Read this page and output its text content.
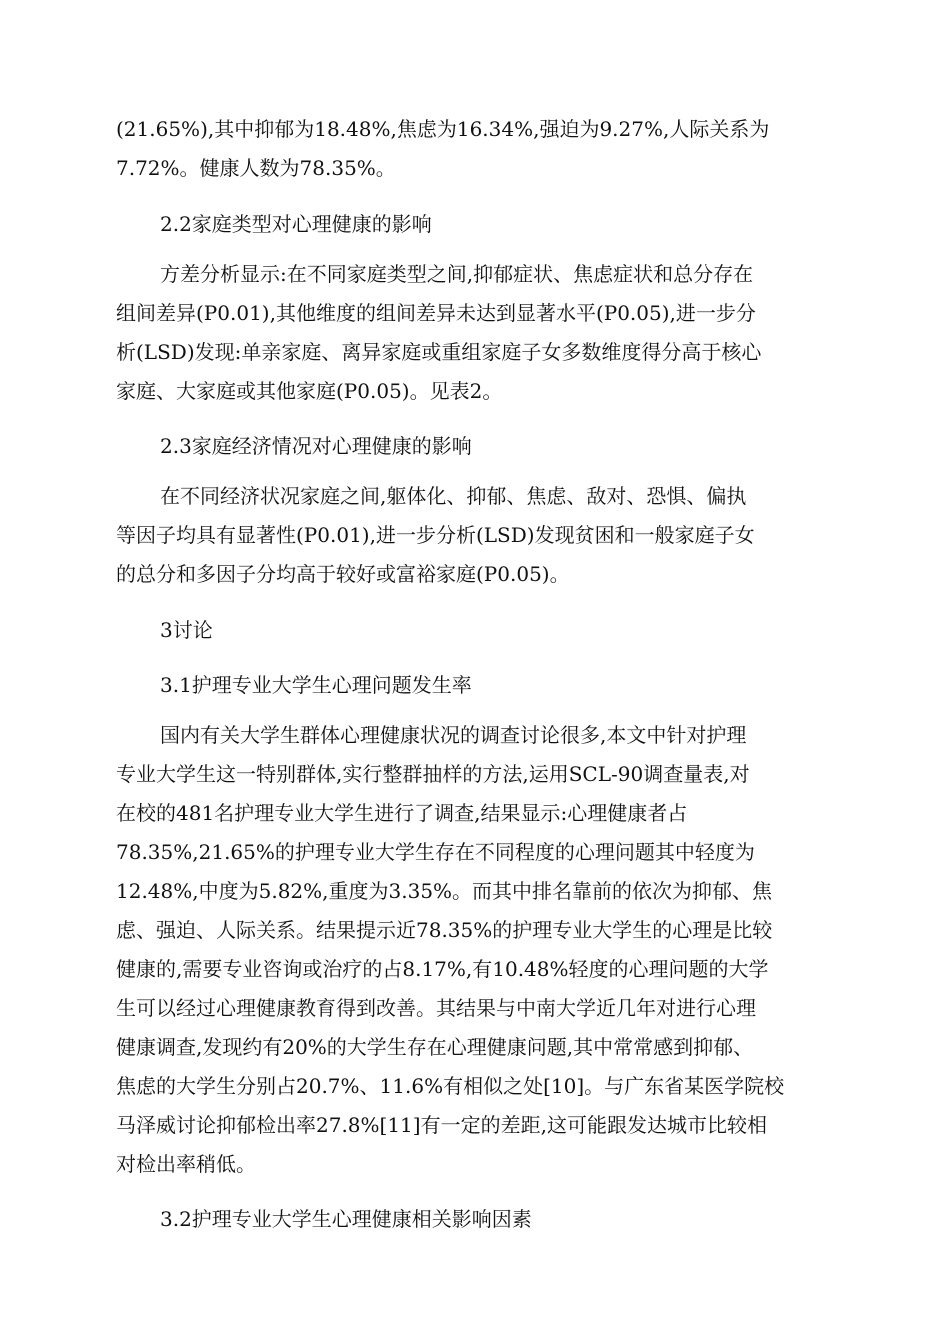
(21.65%),其中抑郁为18.48%,焦虑为16.34%,强迫为9.27%,人际关系为
7.72%。健康人数为78.35%。
2.2家庭类型对心理健康的影响
方差分析显示:在不同家庭类型之间,抑郁症状、焦虑症状和总分存在
组间差异(P0.01),其他维度的组间差异未达到显著水平(P0.05),进一步分
析(LSD)发现:单亲家庭、离异家庭或重组家庭子女多数维度得分高于核心
家庭、大家庭或其他家庭(P0.05)。见表2。
2.3家庭经济情况对心理健康的影响
在不同经济状况家庭之间,躯体化、抑郁、焦虑、敌对、恐惧、偏执
等因子均具有显著性(P0.01),进一步分析(LSD)发现贫困和一般家庭子女
的总分和多因子分均高于较好或富裕家庭(P0.05)。
3讨论
3.1护理专业大学生心理问题发生率
国内有关大学生群体心理健康状况的调查讨论很多,本文中针对护理
专业大学生这一特别群体,实行整群抽样的方法,运用SCL-90调查量表,对
在校的481名护理专业大学生进行了调查,结果显示:心理健康者占
78.35%,21.65%的护理专业大学生存在不同程度的心理问题其中轻度为
12.48%,中度为5.82%,重度为3.35%。而其中排名靠前的依次为抑郁、焦
虑、强迫、人际关系。结果提示近78.35%的护理专业大学生的心理是比较
健康的,需要专业咨询或治疗的占8.17%,有10.48%轻度的心理问题的大学
生可以经过心理健康教育得到改善。其结果与中南大学近几年对进行心理
健康调查,发现约有20%的大学生存在心理健康问题,其中常常感到抑郁、
焦虑的大学生分别占20.7%、11.6%有相似之处[10]。与广东省某医学院校
马泽威讨论抑郁检出率27.8%[11]有一定的差距,这可能跟发达城市比较相
对检出率稍低。
3.2护理专业大学生心理健康相关影响因素
